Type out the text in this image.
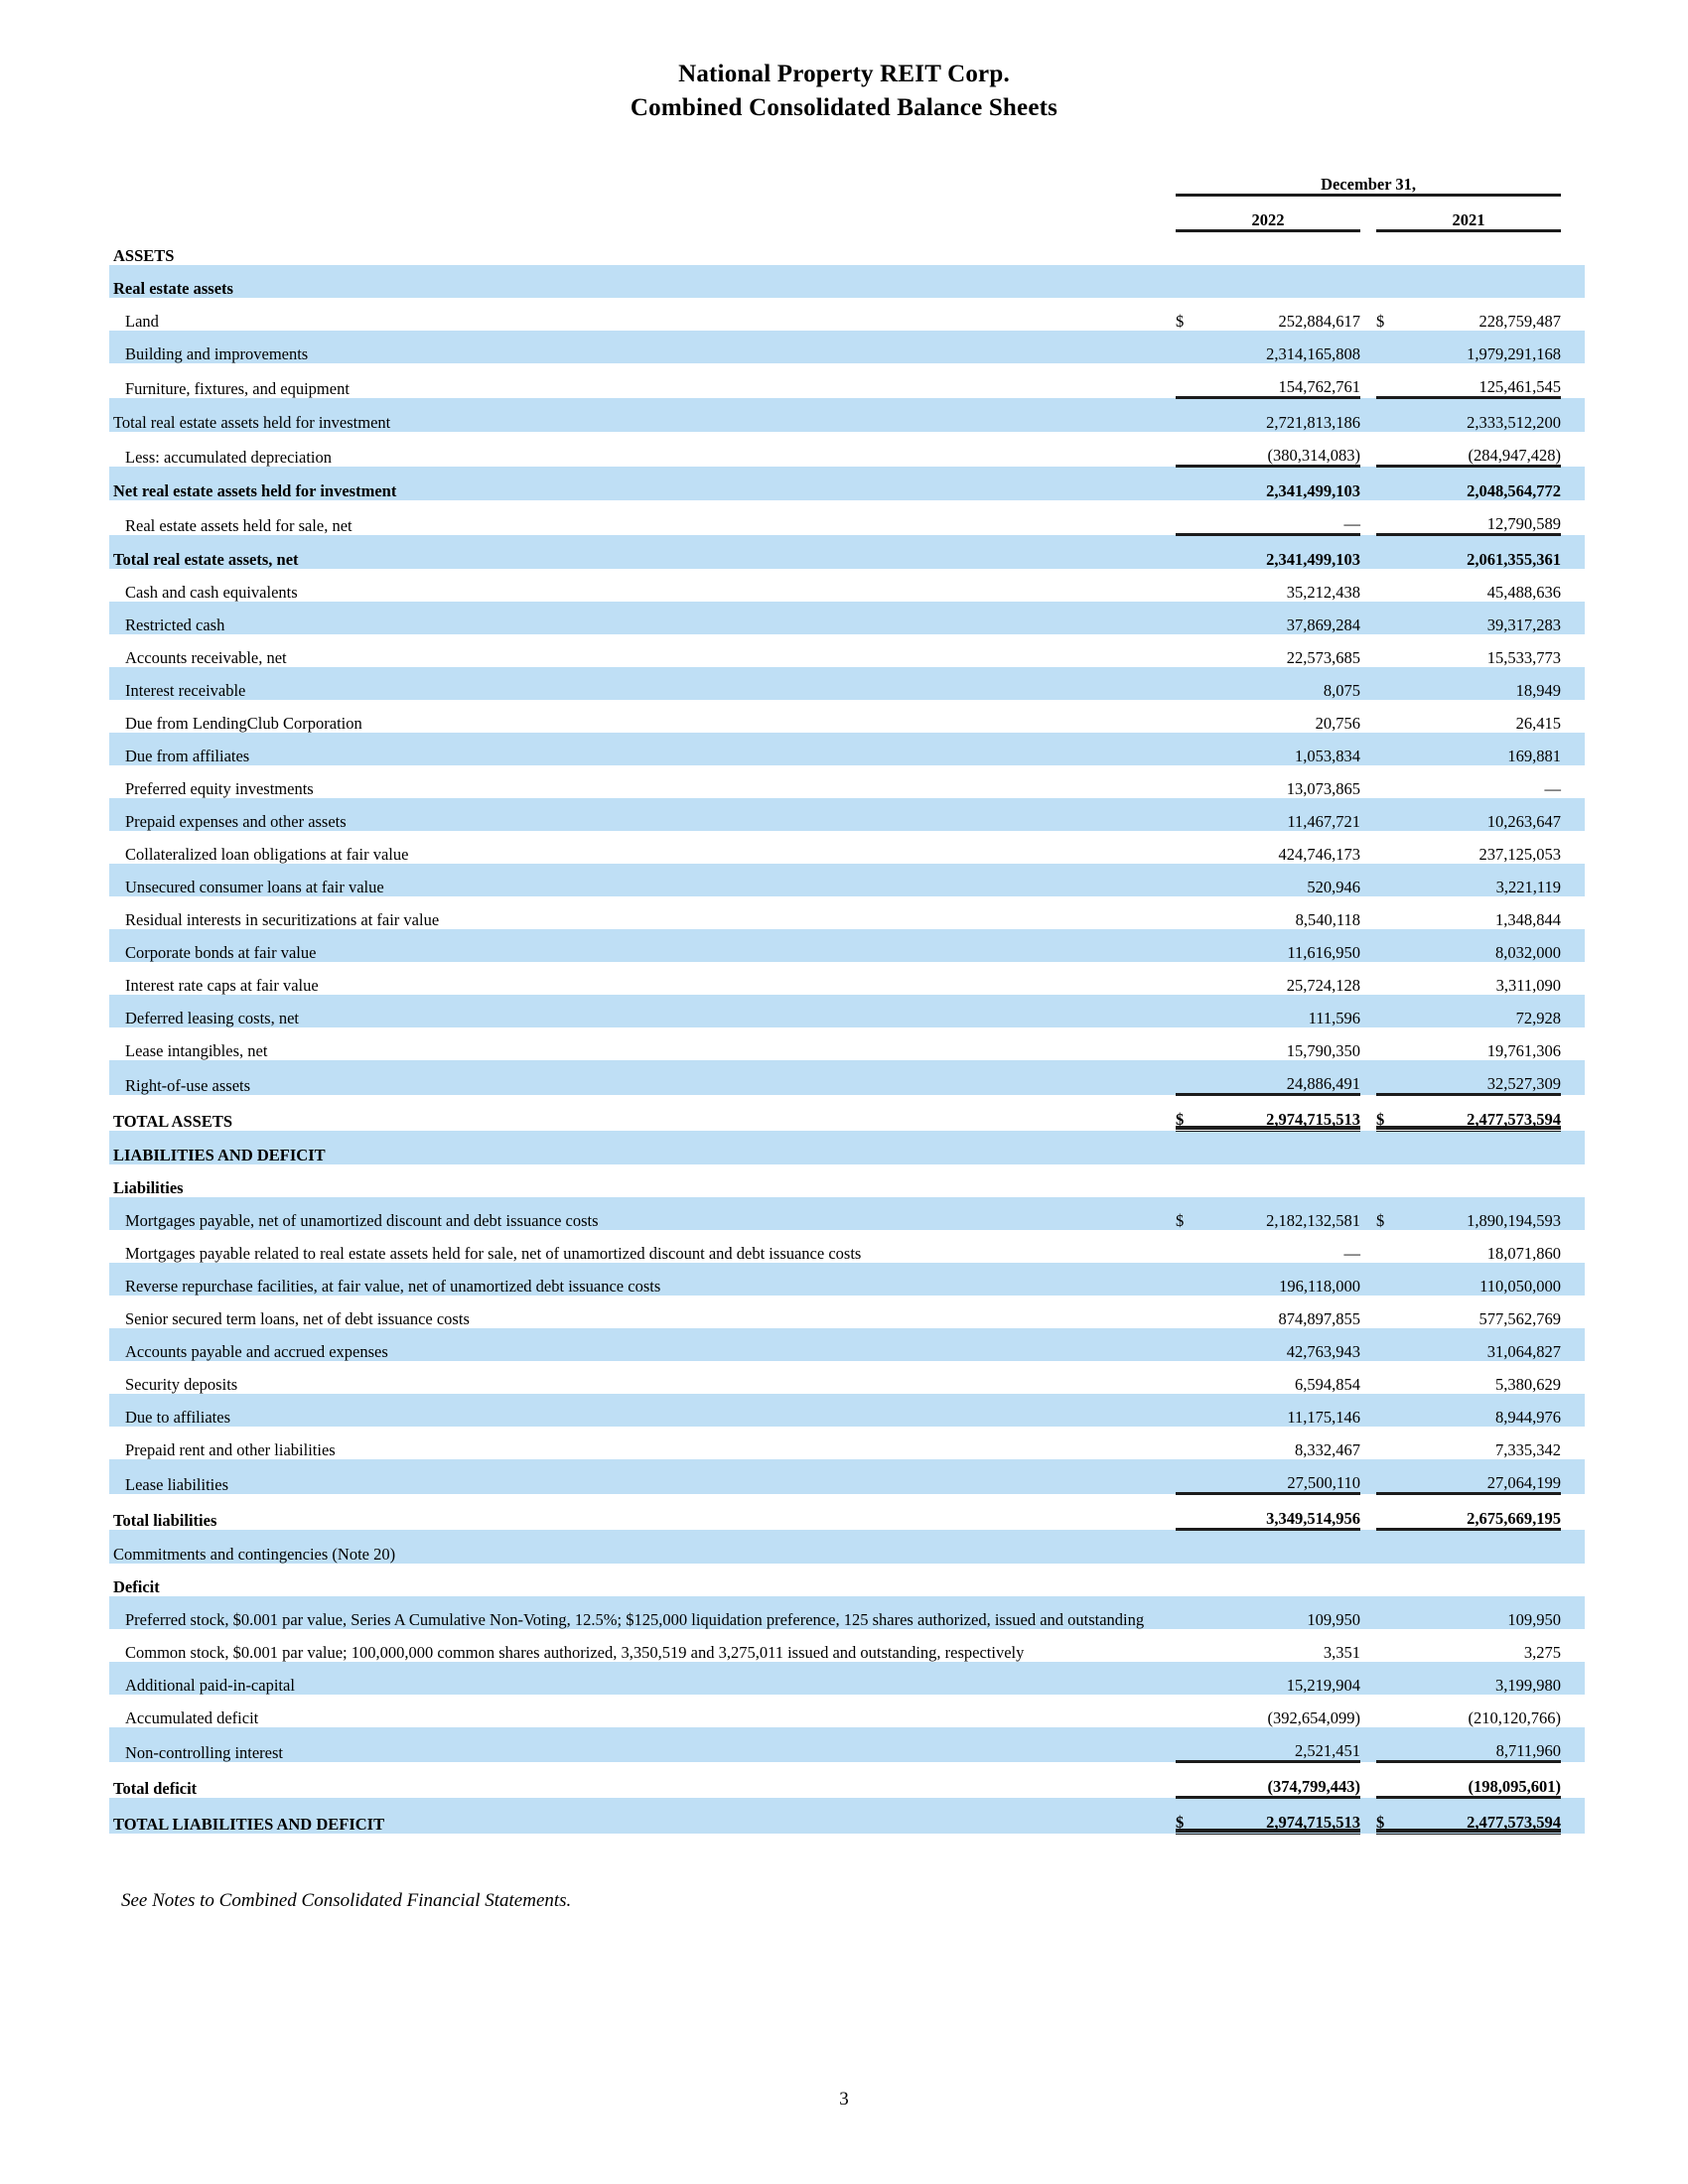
National Property REIT Corp.
Combined Consolidated Balance Sheets
	December 31,					
	2022			2021		
ASSETS						
Real estate assets						
Land	$	252,884,617		$	228,759,487	
Building and improvements		2,314,165,808			1,979,291,168	
Furniture, fixtures, and equipment		154,762,761			125,461,545	
Total real estate assets held for investment		2,721,813,186			2,333,512,200	
Less: accumulated depreciation		(380,314,083)			(284,947,428)	
Net real estate assets held for investment		2,341,499,103			2,048,564,772	
Real estate assets held for sale, net		—			12,790,589	
Total real estate assets, net		2,341,499,103			2,061,355,361	
Cash and cash equivalents		35,212,438			45,488,636	
Restricted cash		37,869,284			39,317,283	
Accounts receivable, net		22,573,685			15,533,773	
Interest receivable		8,075			18,949	
Due from LendingClub Corporation		20,756			26,415	
Due from affiliates		1,053,834			169,881	
Preferred equity investments		13,073,865			—	
Prepaid expenses and other assets		11,467,721			10,263,647	
Collateralized loan obligations at fair value		424,746,173			237,125,053	
Unsecured consumer loans at fair value		520,946			3,221,119	
Residual interests in securitizations at fair value		8,540,118			1,348,844	
Corporate bonds at fair value		11,616,950			8,032,000	
Interest rate caps at fair value		25,724,128			3,311,090	
Deferred leasing costs, net		111,596			72,928	
Lease intangibles, net		15,790,350			19,761,306	
Right-of-use assets		24,886,491			32,527,309	
TOTAL ASSETS	$	2,974,715,513		$	2,477,573,594	
LIABILITIES AND DEFICIT						
Liabilities						
Mortgages payable, net of unamortized discount and debt issuance costs	$	2,182,132,581		$	1,890,194,593	
Mortgages payable related to real estate assets held for sale, net of unamortized discount and debt issuance costs		—			18,071,860	
Reverse repurchase facilities, at fair value, net of unamortized debt issuance costs		196,118,000			110,050,000	
Senior secured term loans, net of debt issuance costs		874,897,855			577,562,769	
Accounts payable and accrued expenses		42,763,943			31,064,827	
Security deposits		6,594,854			5,380,629	
Due to affiliates		11,175,146			8,944,976	
Prepaid rent and other liabilities		8,332,467			7,335,342	
Lease liabilities		27,500,110			27,064,199	
Total liabilities		3,349,514,956			2,675,669,195	
Commitments and contingencies (Note 20)						
Deficit						
Preferred stock, $0.001 par value, Series A Cumulative Non-Voting, 12.5%; $125,000 liquidation preference, 125 shares authorized, issued and outstanding		109,950			109,950	
Common stock, $0.001 par value; 100,000,000 common shares authorized, 3,350,519 and 3,275,011 issued and outstanding, respectively		3,351			3,275	
Additional paid-in-capital		15,219,904			3,199,980	
Accumulated deficit		(392,654,099)			(210,120,766)	
Non-controlling interest		2,521,451			8,711,960	
Total deficit		(374,799,443)			(198,095,601)	
TOTAL LIABILITIES AND DEFICIT	$	2,974,715,513		$	2,477,573,594	
See Notes to Combined Consolidated Financial Statements.
3
